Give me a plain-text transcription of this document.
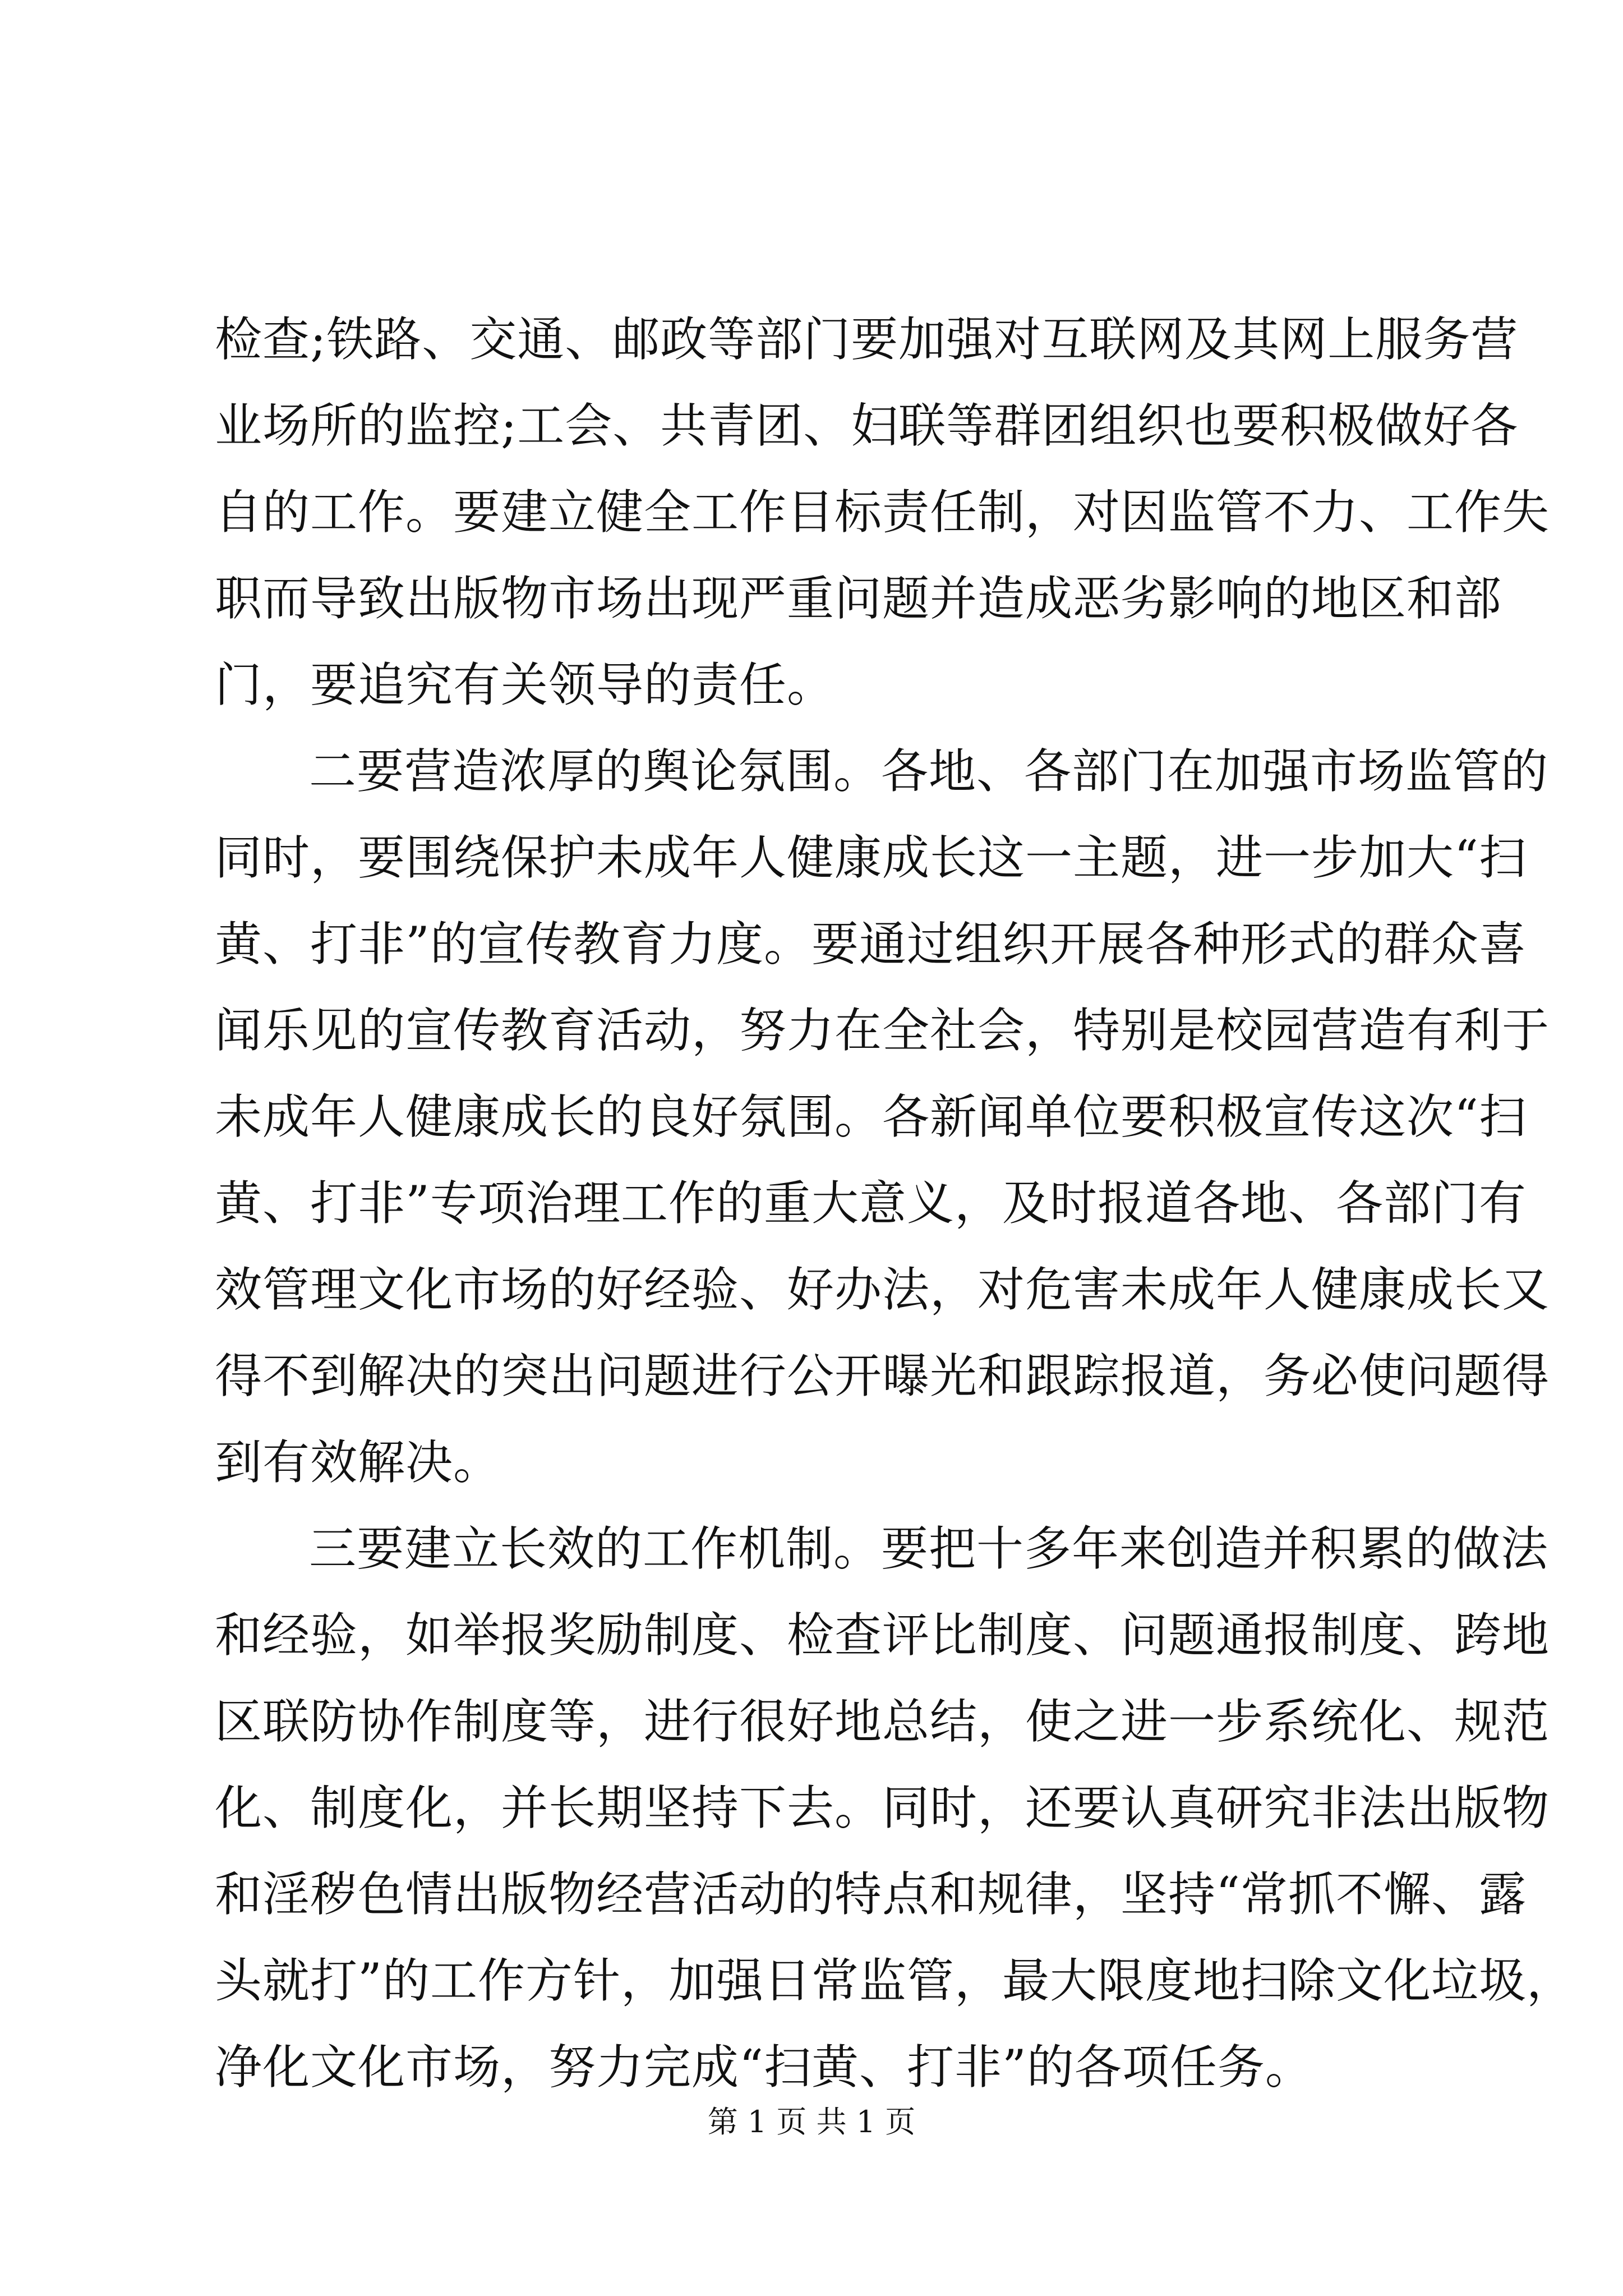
检查;铁路、交通、邮政等部门要加强对互联网及其网上服务营
业场所的监控;工会、共青团、妇联等群团组织也要积极做好各
自的工作。要建立健全工作目标责任制，对因监管不力、工作失
职而导致出版物市场出现严重问题并造成恶劣影响的地区和部
门，要追究有关领导的责任。
二要营造浓厚的舆论氛围。各地、各部门在加强市场监管的
同时，要围绕保护未成年人健康成长这一主题，进一步加大“扫
黄、打非”的宣传教育力度。要通过组织开展各种形式的群众喜
闻乐见的宣传教育活动，努力在全社会，特别是校园营造有利于
未成年人健康成长的良好氛围。各新闻单位要积极宣传这次“扫
黄、打非”专项治理工作的重大意义，及时报道各地、各部门有
效管理文化市场的好经验、好办法，对危害未成年人健康成长又
得不到解决的突出问题进行公开曝光和跟踪报道，务必使问题得
到有效解决。
三要建立长效的工作机制。要把十多年来创造并积累的做法
和经验，如举报奖励制度、检查评比制度、问题通报制度、跨地
区联防协作制度等，进行很好地总结，使之进一步系统化、规范
化、制度化，并长期坚持下去。同时，还要认真研究非法出版物
和淫秽色情出版物经营活动的特点和规律，坚持“常抓不懈、露
头就打”的工作方针，加强日常监管，最大限度地扫除文化垃圾，
净化文化市场，努力完成“扫黄、打非”的各项任务。
第 1 页 共 1 页
